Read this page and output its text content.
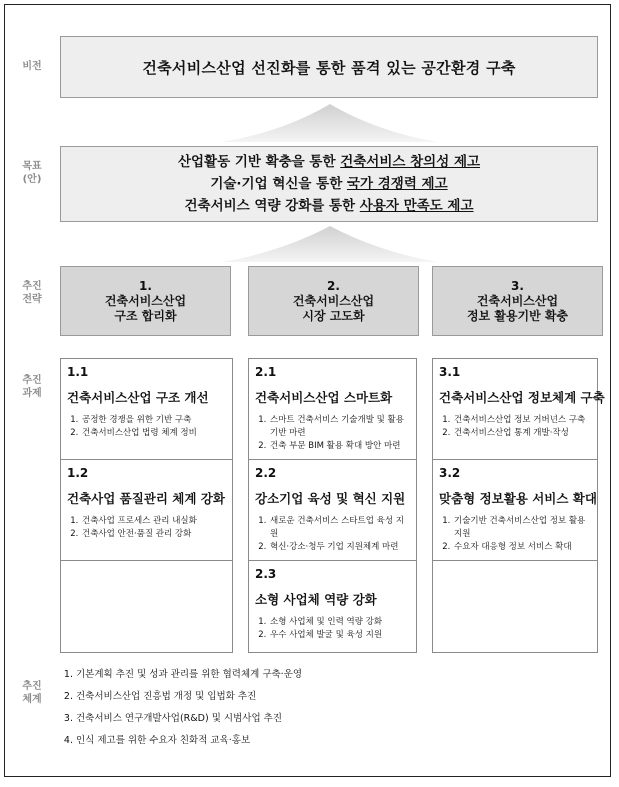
비전
목표
(안)
추진
전략
추진
과제
추진
체계
건축서비스산업 선진화를 통한 품격 있는 공간환경 구축
산업활동 기반 확충을 통한 건축서비스 창의성 제고
기술·기업 혁신을 통한 국가 경쟁력 제고
건축서비스 역량 강화를 통한 사용자 만족도 제고
1.
건축서비스산업
구조 합리화
2.
건축서비스산업
시장 고도화
3.
건축서비스산업
정보 활용기반 확충
1.1
건축서비스산업 구조 개선
1. 공정한 경쟁을 위한 기반 구축
2. 건축서비스산업 법령 체계 정비
1.2
건축사업 품질관리 체계 강화
1. 건축사업 프로세스 관리 내실화
2. 건축사업 안전·품질 관리 강화
2.1
건축서비스산업 스마트화
1. 스마트 건축서비스 기술개발 및 활용 기반 마련
2. 건축 부문 BIM 활용 확대 방안 마련
2.2
강소기업 육성 및 혁신 지원
1. 새로운 건축서비스 스타트업 육성 지원
2. 혁신·강소·청두 기업 지원체계 마련
2.3
소형 사업체 역량 강화
1. 소형 사업체 및 인력 역량 강화
2. 우수 사업체 발굴 및 육성 지원
3.1
건축서비스산업 정보체계 구축
1. 건축서비스산업 정보 거버넌스 구축
2. 건축서비스산업 통계 개발·작성
3.2
맞춤형 정보활용 서비스 확대
1. 기술기반 건축서비스산업 정보 활용 지원
2. 수요자 대응형 정보 서비스 확대
1. 기본계획 추진 및 성과 관리를 위한 협력체계 구축·운영
2. 건축서비스산업 진흥법 개정 및 입법화 추진
3. 건축서비스 연구개발사업(R&D) 및 시범사업 추진
4. 인식 제고를 위한 수요자 친화적 교육·홍보
